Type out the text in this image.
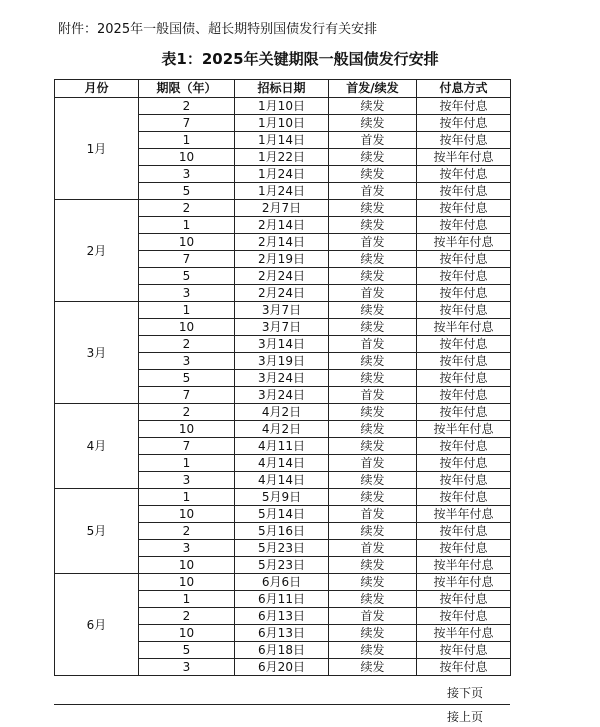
附件：2025年一般国债、超长期特别国债发行有关安排
表1：2025年关键期限一般国债发行安排
月份	期限（年）	招标日期	首发/续发	付息方式
1月	2	1月10日	续发	按年付息
	7	1月10日	续发	按年付息
	1	1月14日	首发	按年付息
	10	1月22日	续发	按半年付息
	3	1月24日	续发	按年付息
	5	1月24日	首发	按年付息
2月	2	2月7日	续发	按年付息
	1	2月14日	续发	按年付息
	10	2月14日	首发	按半年付息
	7	2月19日	续发	按年付息
	5	2月24日	续发	按年付息
	3	2月24日	首发	按年付息
3月	1	3月7日	续发	按年付息
	10	3月7日	续发	按半年付息
	2	3月14日	首发	按年付息
	3	3月19日	续发	按年付息
	5	3月24日	续发	按年付息
	7	3月24日	首发	按年付息
4月	2	4月2日	续发	按年付息
	10	4月2日	续发	按半年付息
	7	4月11日	续发	按年付息
	1	4月14日	首发	按年付息
	3	4月14日	续发	按年付息
5月	1	5月9日	续发	按年付息
	10	5月14日	首发	按半年付息
	2	5月16日	续发	按年付息
	3	5月23日	首发	按年付息
	10	5月23日	续发	按半年付息
6月	10	6月6日	续发	按半年付息
	1	6月11日	续发	按年付息
	2	6月13日	首发	按年付息
	10	6月13日	续发	按半年付息
	5	6月18日	续发	按年付息
	3	6月20日	续发	按年付息
接下页
接上页
